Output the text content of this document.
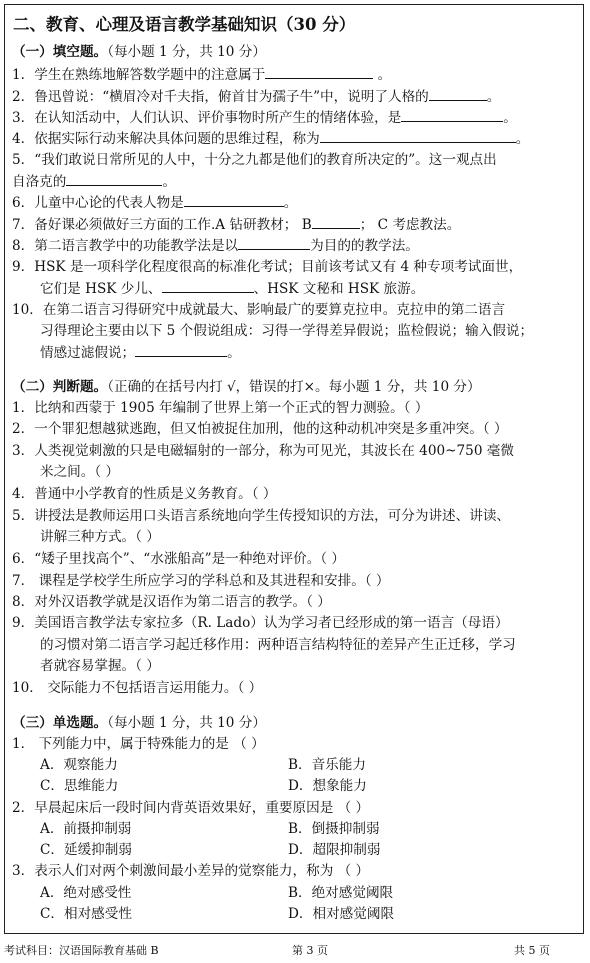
二、教育、心理及语言教学基础知识（30 分）
（一）填空题。（每小题 1 分，共 10 分）
1．学生在熟练地解答数学题中的注意属于	。
2．鲁迅曾说：“横眉冷对千夫指，俯首甘为孺子牛”中，说明了人格的	。
3．在认知活动中，人们认识、评价事物时所产生的情绪体验，是	。
4．依据实际行动来解决具体问题的思维过程，称为	。
5．“我们敢说日常所见的人中，十分之九都是他们的教育所决定的”。这一观点出
自洛克的	。
6．儿童中心论的代表人物是	。
7．备好课必须做好三方面的工作.A 钻研教材； B	； C 考虑教法。
8．第二语言教学中的功能教学法是以	为目的的教学法。
9．HSK 是一项科学化程度很高的标准化考试；目前该考试又有 4 种专项考试面世，
它们是 HSK 少儿、	、HSK 文秘和 HSK 旅游。
10．在第二语言习得研究中成就最大、影响最广的要算克拉申。克拉申的第二语言
习得理论主要由以下 5 个假说组成：习得一学得差异假说；监检假说；输入假说；
情感过滤假说；	。
（二）判断题。（正确的在括号内打 √，错误的打×。每小题 1 分，共 10 分）
1．比纳和西蒙于 1905 年编制了世界上第一个正式的智力测验。（ ）
2．一个罪犯想越狱逃跑，但又怕被捉住加刑，他的这种动机冲突是多重冲突。（ ）
3．人类视觉刺激的只是电磁辐射的一部分，称为可见光，其波长在 400~750 毫微
米之间。（ ）
4．普通中小学教育的性质是义务教育。（ ）
5．讲授法是教师运用口头语言系统地向学生传授知识的方法，可分为讲述、讲读、
讲解三种方式。（ ）
6．“矮子里找高个”、“水涨船高”是一种绝对评价。（ ）
7． 课程是学校学生所应学习的学科总和及其进程和安排。（ ）
8．对外汉语教学就是汉语作为第二语言的教学。（ ）
9．美国语言教学法专家拉多（R. Lado）认为学习者已经形成的第一语言（母语）
的习惯对第二语言学习起迁移作用：两种语言结构特征的差异产生正迁移，学习
者就容易掌握。（ ）
10． 交际能力不包括语言运用能力。（ ）
（三）单选题。（每小题 1 分，共 10 分）
1． 下列能力中，属于特殊能力的是 （ ）
A．观察能力	B．音乐能力
C．思维能力	D．想象能力
2．早晨起床后一段时间内背英语效果好，重要原因是 （ ）
A．前摄抑制弱	B．倒摄抑制弱
C．延缓抑制弱	D．超限抑制弱
3．表示人们对两个刺激间最小差异的觉察能力，称为 （ ）
A．绝对感受性	B．绝对感觉阈限
C．相对感受性	D．相对感觉阈限
考试科目：汉语国际教育基础 B	第 3 页	共 5 页
